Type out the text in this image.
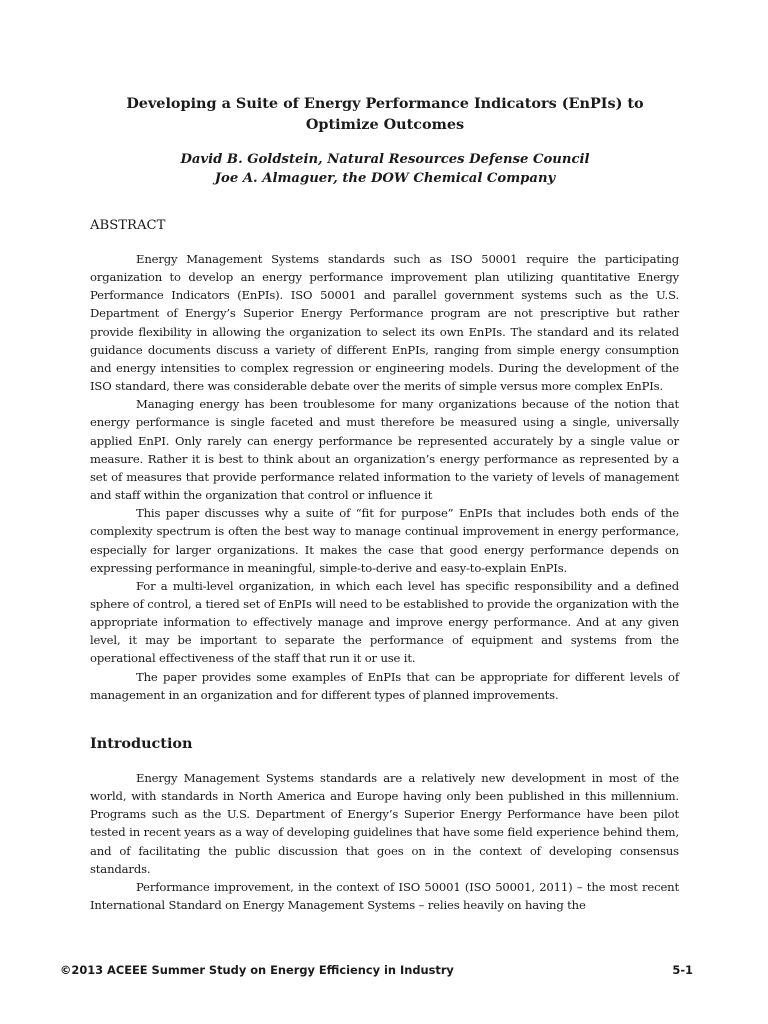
Developing a Suite of Energy Performance Indicators (EnPIs) to Optimize Outcomes
David B. Goldstein, Natural Resources Defense Council
Joe A. Almaguer, the DOW Chemical Company
ABSTRACT

Energy Management Systems standards such as ISO 50001 require the participating organization to develop an energy performance improvement plan utilizing quantitative Energy Performance Indicators (EnPIs). ISO 50001 and parallel government systems such as the U.S. Department of Energy’s Superior Energy Performance program are not prescriptive but rather provide flexibility in allowing the organization to select its own EnPIs. The standard and its related guidance documents discuss a variety of different EnPIs, ranging from simple energy consumption and energy intensities to complex regression or engineering models. During the development of the ISO standard, there was considerable debate over the merits of simple versus more complex EnPIs.

Managing energy has been troublesome for many organizations because of the notion that energy performance is single faceted and must therefore be measured using a single, universally applied EnPI. Only rarely can energy performance be represented accurately by a single value or measure. Rather it is best to think about an organization’s energy performance as represented by a set of measures that provide performance related information to the variety of levels of management and staff within the organization that control or influence it

This paper discusses why a suite of “fit for purpose” EnPIs that includes both ends of the complexity spectrum is often the best way to manage continual improvement in energy performance, especially for larger organizations. It makes the case that good energy performance depends on expressing performance in meaningful, simple-to-derive and easy-to-explain EnPIs.

For a multi-level organization, in which each level has specific responsibility and a defined sphere of control, a tiered set of EnPIs will need to be established to provide the organization with the appropriate information to effectively manage and improve energy performance. And at any given level, it may be important to separate the performance of equipment and systems from the operational effectiveness of the staff that run it or use it.

The paper provides some examples of EnPIs that can be appropriate for different levels of management in an organization and for different types of planned improvements.

Introduction

Energy Management Systems standards are a relatively new development in most of the world, with standards in North America and Europe having only been published in this millennium. Programs such as the U.S. Department of Energy’s Superior Energy Performance have been pilot tested in recent years as a way of developing guidelines that have some field experience behind them, and of facilitating the public discussion that goes on in the context of developing consensus standards.

Performance improvement, in the context of ISO 50001 (ISO 50001, 2011) – the most recent International Standard on Energy Management Systems – relies heavily on having the

©2013 ACEEE Summer Study on Energy Efficiency in Industry	5-1
